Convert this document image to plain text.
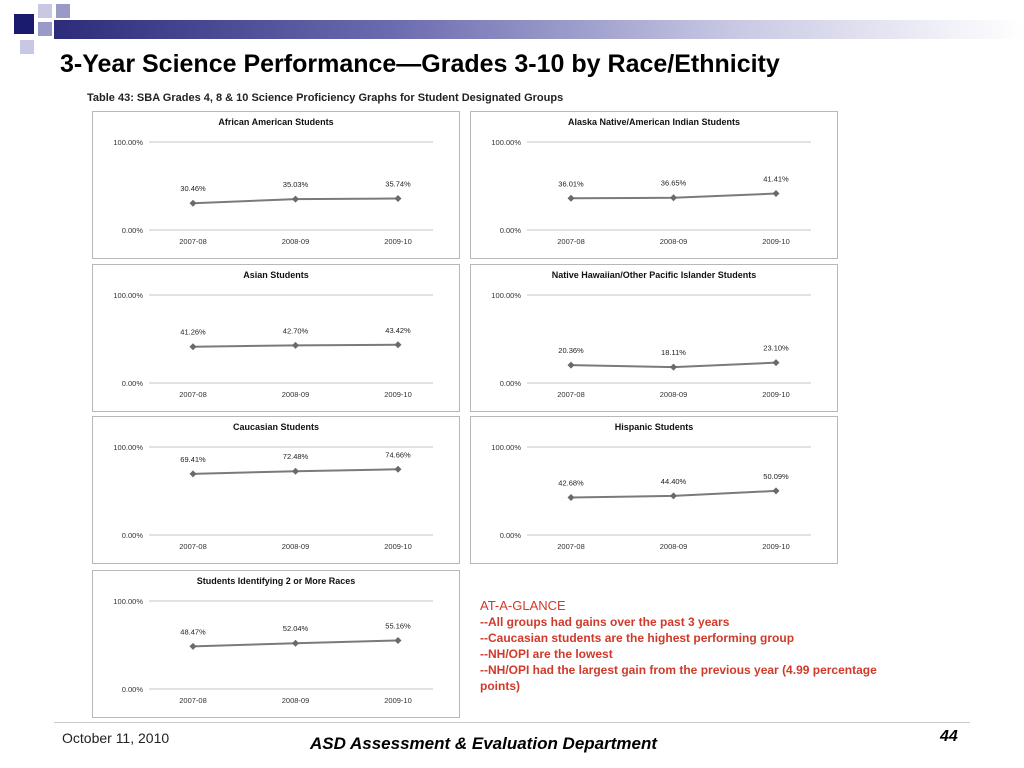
3-Year Science Performance—Grades 3-10 by Race/Ethnicity
Table 43: SBA Grades 4, 8 & 10 Science Proficiency Graphs for Student Designated Groups
African American Students
100.00%
0.00%
2007-08	2008-09	2009-10
30.46%	35.03%	35.74%
Alaska Native/American Indian Students
100.00%
0.00%
2007-08	2008-09	2009-10
36.01%	36.65%	41.41%
Asian Students
100.00%
0.00%
2007-08	2008-09	2009-10
41.26%	42.70%	43.42%
Native Hawaiian/Other Pacific Islander Students
100.00%
0.00%
2007-08	2008-09	2009-10
20.36%	18.11%	23.10%
Caucasian Students
100.00%
0.00%
2007-08	2008-09	2009-10
69.41%	72.48%	74.66%
Hispanic Students
100.00%
0.00%
2007-08	2008-09	2009-10
42.68%	44.40%
50.09%
Students Identifying 2 or More Races
100.00%
0.00%
2007-08	2008-09	2009-10
48.47%	52.04%	55.16%
AT-A-GLANCE
--All groups had gains over the past 3 years
--Caucasian students are the highest performing group
--NH/OPI are the lowest
--NH/OPI had the largest gain from the previous year (4.99 percentage points)
October 11, 2010	ASD Assessment & Evaluation Department	44
